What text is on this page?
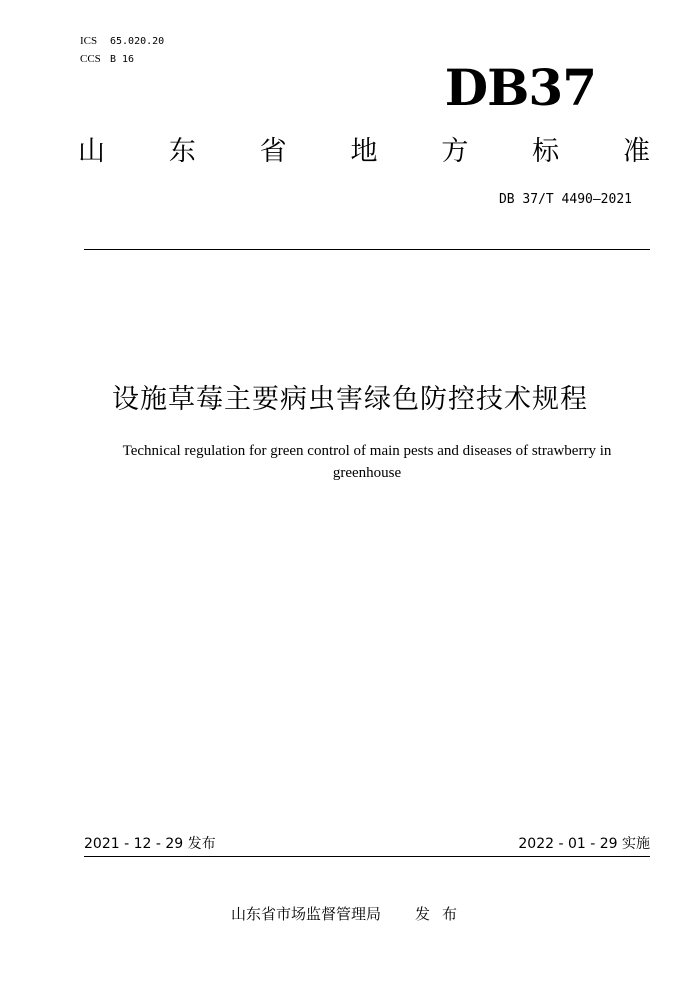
ICS 65.020.20
CCS B 16	DB37
山 东 省 地 方 标 准
DB 37/T 4490—2021
设施草莓主要病虫害绿色防控技术规程
Technical regulation for green control of main pests and diseases of strawberry in greenhouse
2021 - 12 - 29 发布	2022 - 01 - 29 实施
山东省市场监督管理局 发布
